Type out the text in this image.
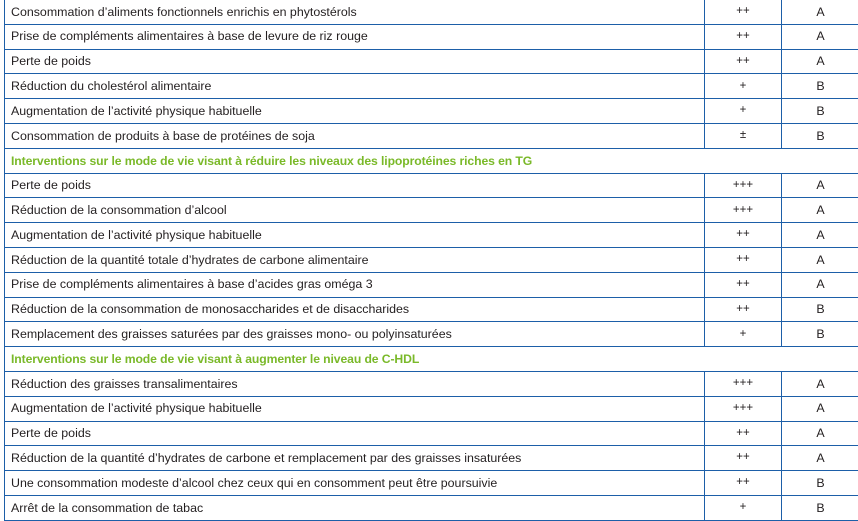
Consommation d’aliments fonctionnels enrichis en phytostérols	++	A
Prise de compléments alimentaires à base de levure de riz rouge	++	A
Perte de poids	++	A
Réduction du cholestérol alimentaire	+	B
Augmentation de l’activité physique habituelle	+	B
Consommation de produits à base de protéines de soja	±	B
Interventions sur le mode de vie visant à réduire les niveaux des lipoprotéines riches en TG		
Perte de poids	+++	A
Réduction de la consommation d’alcool	+++	A
Augmentation de l’activité physique habituelle	++	A
Réduction de la quantité totale d’hydrates de carbone alimentaire	++	A
Prise de compléments alimentaires à base d’acides gras oméga 3	++	A
Réduction de la consommation de monosaccharides et de disaccharides	++	B
Remplacement des graisses saturées par des graisses mono- ou polyinsaturées	+	B
Interventions sur le mode de vie visant à augmenter le niveau de C-HDL		
Réduction des graisses transalimentaires	+++	A
Augmentation de l’activité physique habituelle	+++	A
Perte de poids	++	A
Réduction de la quantité d’hydrates de carbone et remplacement par des graisses insaturées	++	A
Une consommation modeste d’alcool chez ceux qui en consomment peut être poursuivie	++	B
Arrêt de la consommation de tabac	+	B
